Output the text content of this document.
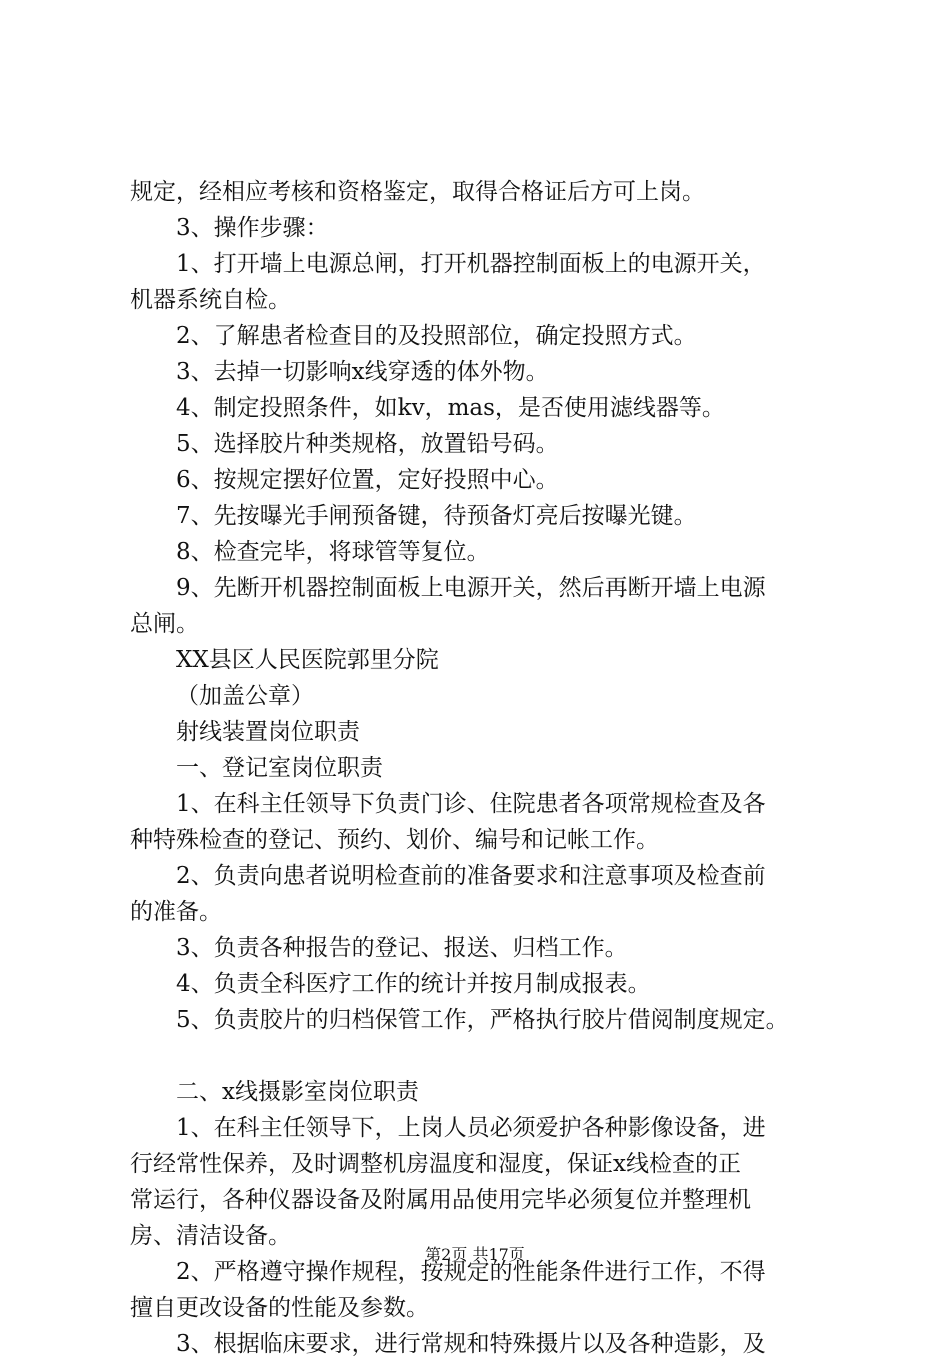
规定，经相应考核和资格鉴定，取得合格证后方可上岗。
3、操作步骤：
1、打开墙上电源总闸，打开机器控制面板上的电源开关，
机器系统自检。
2、了解患者检查目的及投照部位，确定投照方式。
3、去掉一切影响x线穿透的体外物。
4、制定投照条件，如kv，mas，是否使用滤线器等。
5、选择胶片种类规格，放置铅号码。
6、按规定摆好位置，定好投照中心。
7、先按曝光手闸预备键，待预备灯亮后按曝光键。
8、检查完毕，将球管等复位。
9、先断开机器控制面板上电源开关，然后再断开墙上电源
总闸。
XX县区人民医院郭里分院
（加盖公章）
射线装置岗位职责
一、登记室岗位职责
1、在科主任领导下负责门诊、住院患者各项常规检查及各
种特殊检查的登记、预约、划价、编号和记帐工作。
2、负责向患者说明检查前的准备要求和注意事项及检查前
的准备。
3、负责各种报告的登记、报送、归档工作。
4、负责全科医疗工作的统计并按月制成报表。
5、负责胶片的归档保管工作，严格执行胶片借阅制度规定。
二、x线摄影室岗位职责
1、在科主任领导下，上岗人员必须爱护各种影像设备，进
行经常性保养，及时调整机房温度和湿度，保证x线检查的正
常运行，各种仪器设备及附属用品使用完毕必须复位并整理机
房、清洁设备。
2、严格遵守操作规程，按规定的性能条件进行工作，不得
擅自更改设备的性能及参数。
3、根据临床要求，进行常规和特殊摄片以及各种造影，及
第2页 共17页
